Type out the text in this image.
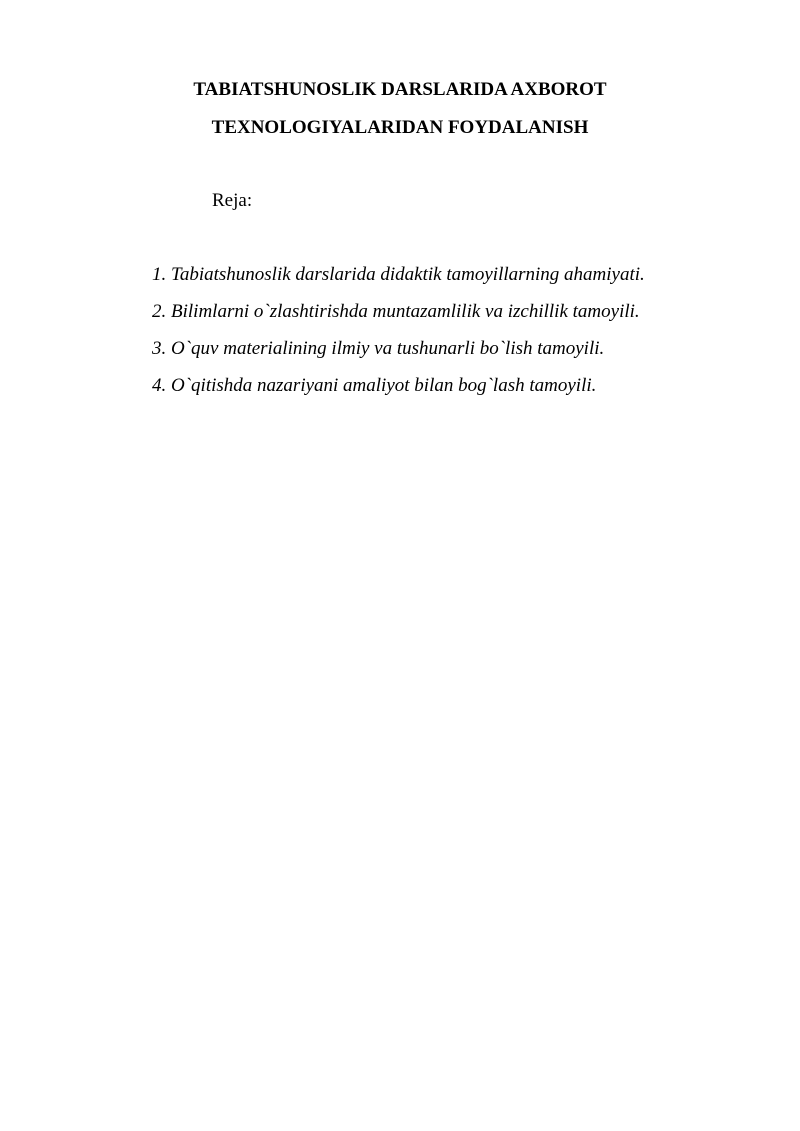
TABIATSHUNOSLIK DARSLARIDA AXBOROT
TEXNOLOGIYALARIDAN FOYDALANISH
Reja:
1. Tabiatshunoslik darslarida didaktik tamoyillarning ahamiyati.
2. Bilimlarni o`zlashtirishda muntazamlilik va izchillik tamoyili.
3. O`quv materialining ilmiy va tushunarli bo`lish tamoyili.
4. O`qitishda nazariyani amaliyot bilan bog`lash tamoyili.
